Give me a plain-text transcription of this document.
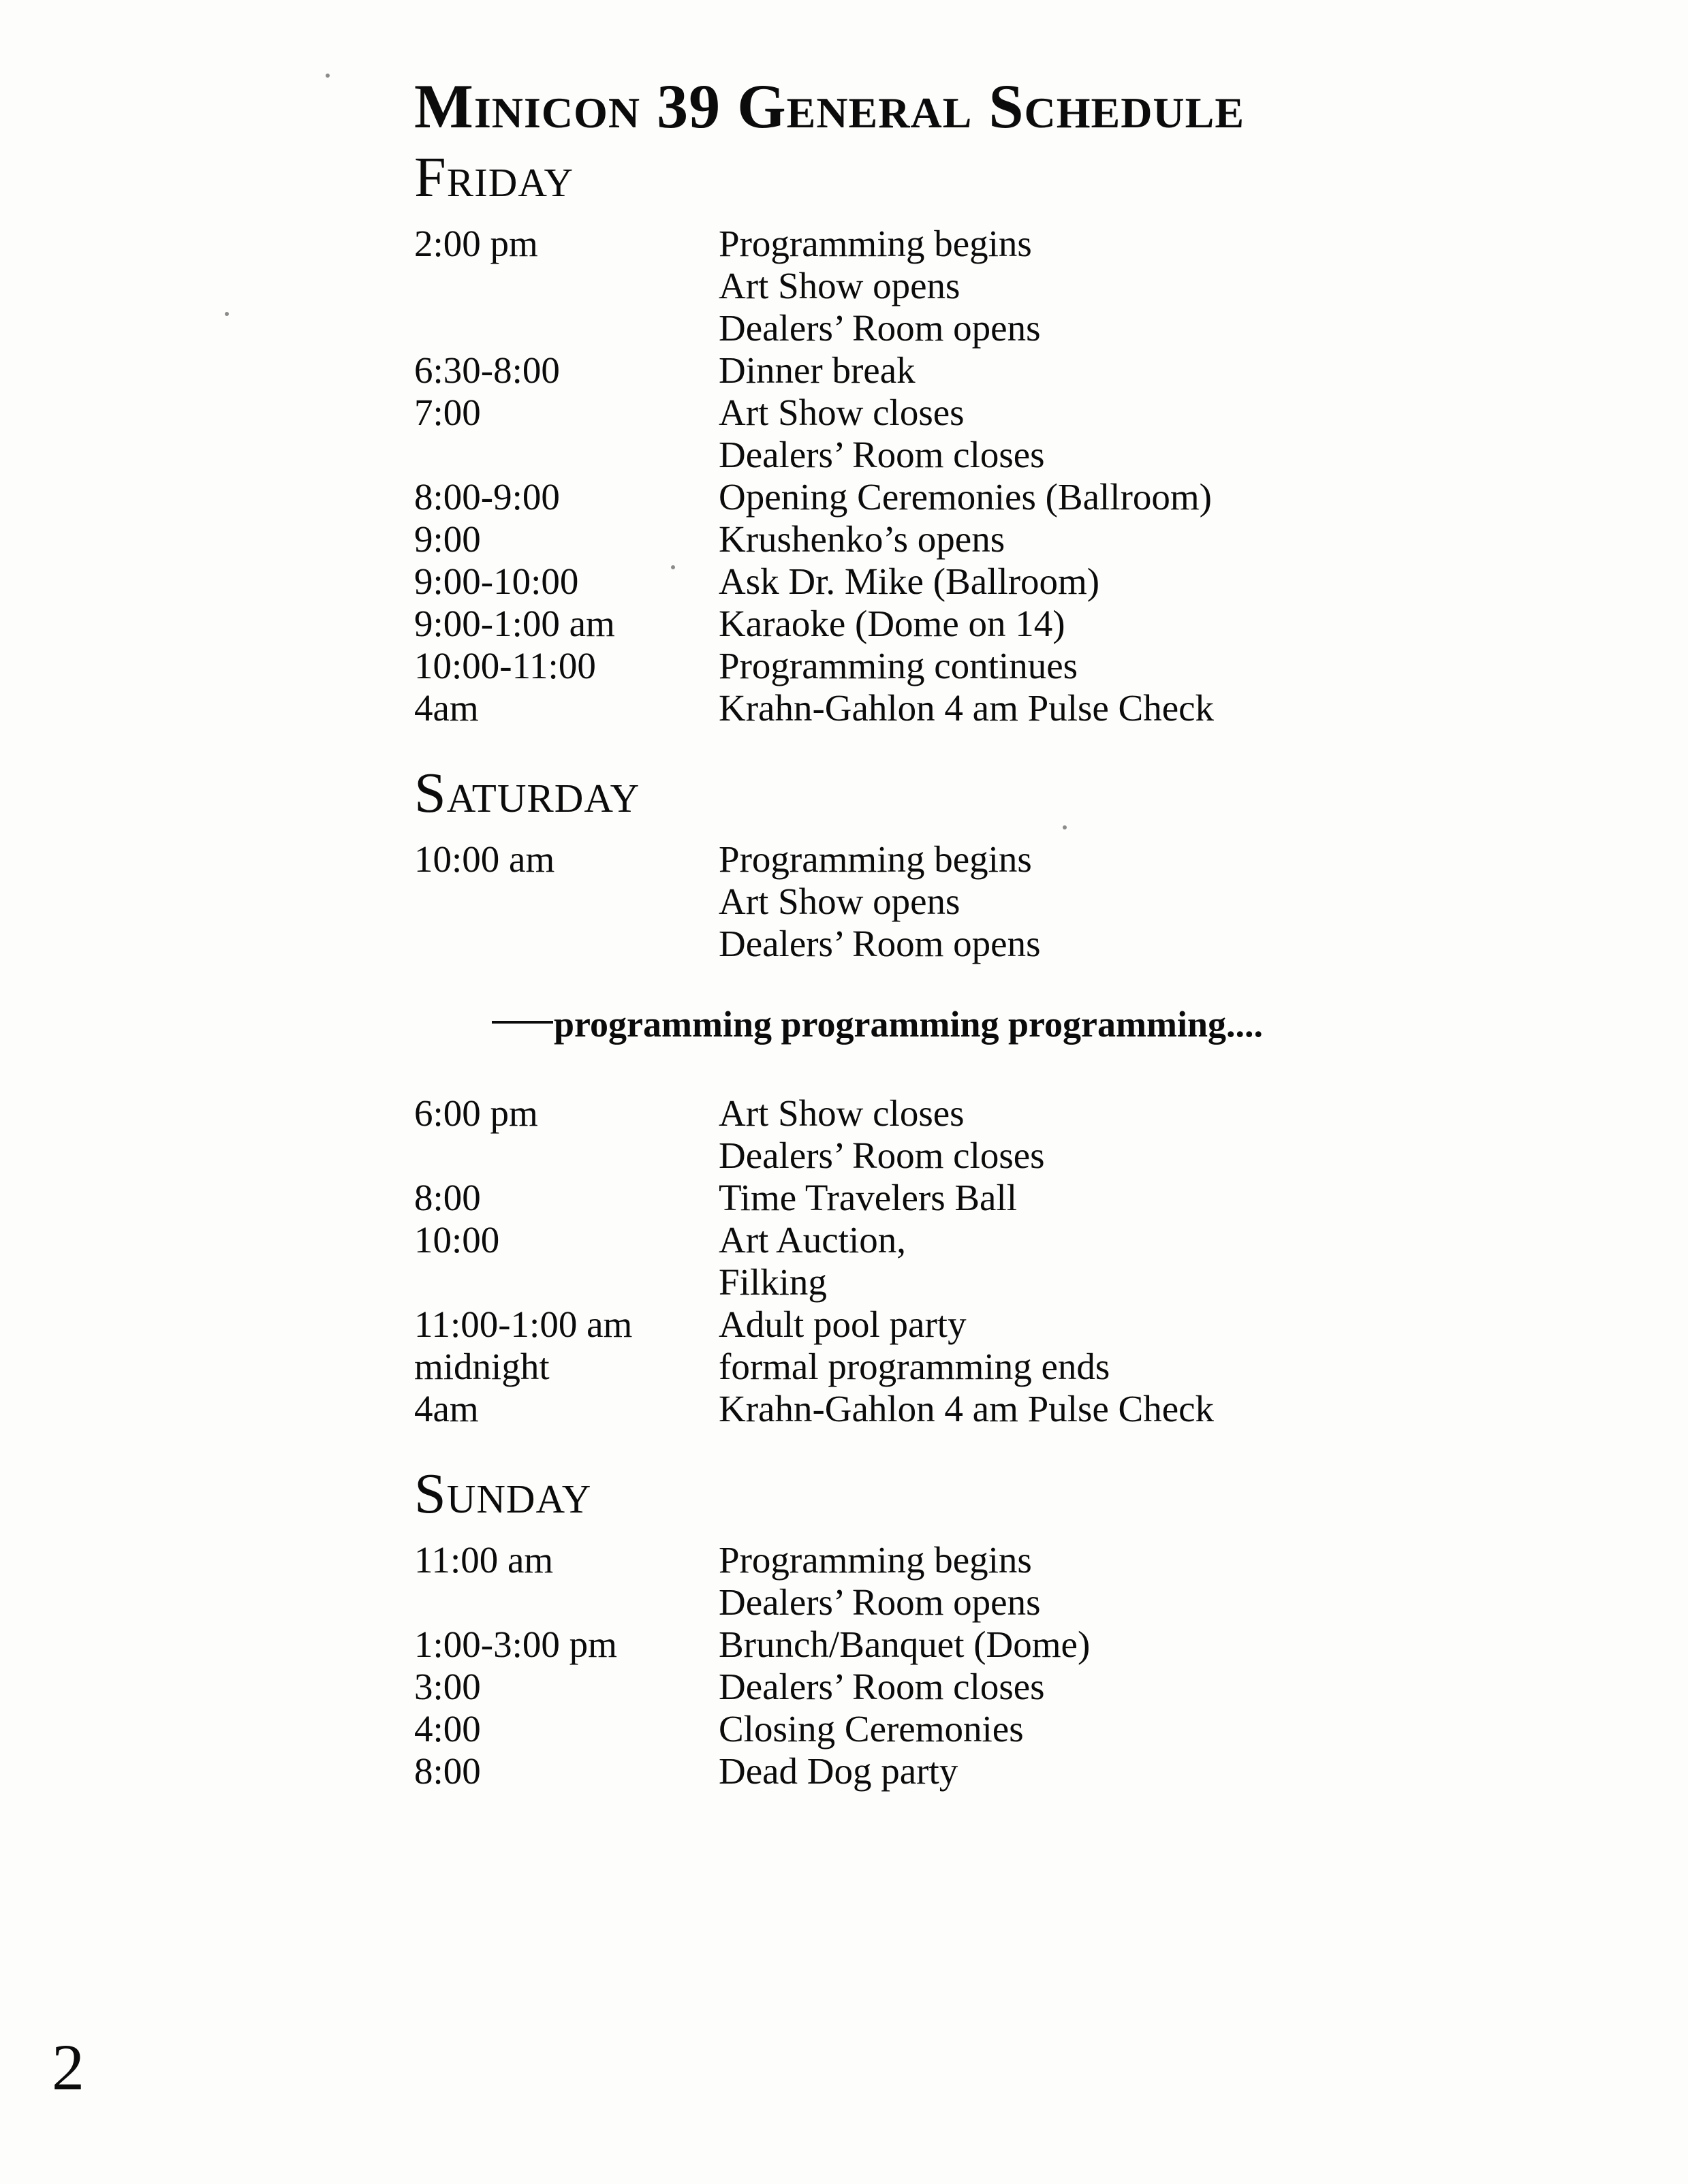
Minicon 39 General Schedule
Friday
2:00 pm	Programming begins
Art Show opens
Dealers’ Room opens
6:30-8:00	Dinner break
7:00	Art Show closes
Dealers’ Room closes
8:00-9:00	Opening Ceremonies (Ballroom)
9:00	Krushenko’s opens
9:00-10:00	Ask Dr. Mike (Ballroom)
9:00-1:00 am	Karaoke (Dome on 14)
10:00-11:00	Programming continues
4am	Krahn-Gahlon 4 am Pulse Check
Saturday
10:00 am	Programming begins
Art Show opens
Dealers’ Room opens
programming programming programming....
6:00 pm	Art Show closes
Dealers’ Room closes
8:00	Time Travelers Ball
10:00	Art Auction,
Filking
11:00-1:00 am	Adult pool party
midnight	formal programming ends
4am	Krahn-Gahlon 4 am Pulse Check
Sunday
11:00 am	Programming begins
Dealers’ Room opens
1:00-3:00 pm	Brunch/Banquet (Dome)
3:00	Dealers’ Room closes
4:00	Closing Ceremonies
8:00	Dead Dog party
2
